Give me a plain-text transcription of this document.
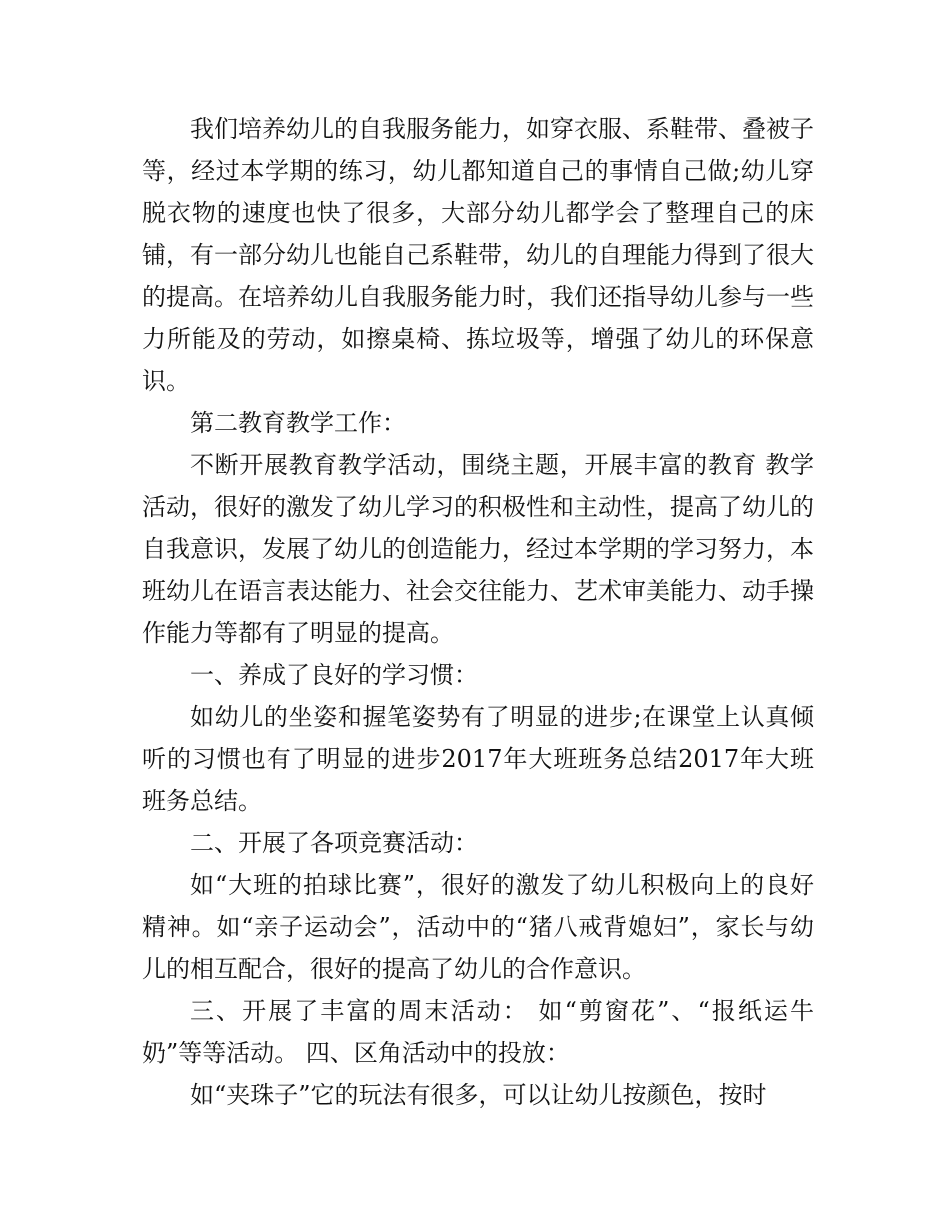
我们培养幼儿的自我服务能力，如穿衣服、系鞋带、叠被子等，经过本学期的练习，幼儿都知道自己的事情自己做;幼儿穿脱衣物的速度也快了很多，大部分幼儿都学会了整理自己的床铺，有一部分幼儿也能自己系鞋带，幼儿的自理能力得到了很大的提高。在培养幼儿自我服务能力时，我们还指导幼儿参与一些力所能及的劳动，如擦桌椅、拣垃圾等，增强了幼儿的环保意识。

第二教育教学工作：

不断开展教育教学活动，围绕主题，开展丰富的教育 教学活动，很好的激发了幼儿学习的积极性和主动性，提高了幼儿的自我意识，发展了幼儿的创造能力，经过本学期的学习努力，本班幼儿在语言表达能力、社会交往能力、艺术审美能力、动手操作能力等都有了明显的提高。

一、养成了良好的学习惯：

如幼儿的坐姿和握笔姿势有了明显的进步;在课堂上认真倾听的习惯也有了明显的进步2017年大班班务总结2017年大班班务总结。

二、开展了各项竞赛活动：

如“大班的拍球比赛”，很好的激发了幼儿积极向上的良好精神。如“亲子运动会”，活动中的“猪八戒背媳妇”，家长与幼儿的相互配合，很好的提高了幼儿的合作意识。

三、开展了丰富的周末活动： 如“剪窗花”、“报纸运牛奶”等等活动。 四、区角活动中的投放：

如“夹珠子”它的玩法有很多，可以让幼儿按颜色，按时
